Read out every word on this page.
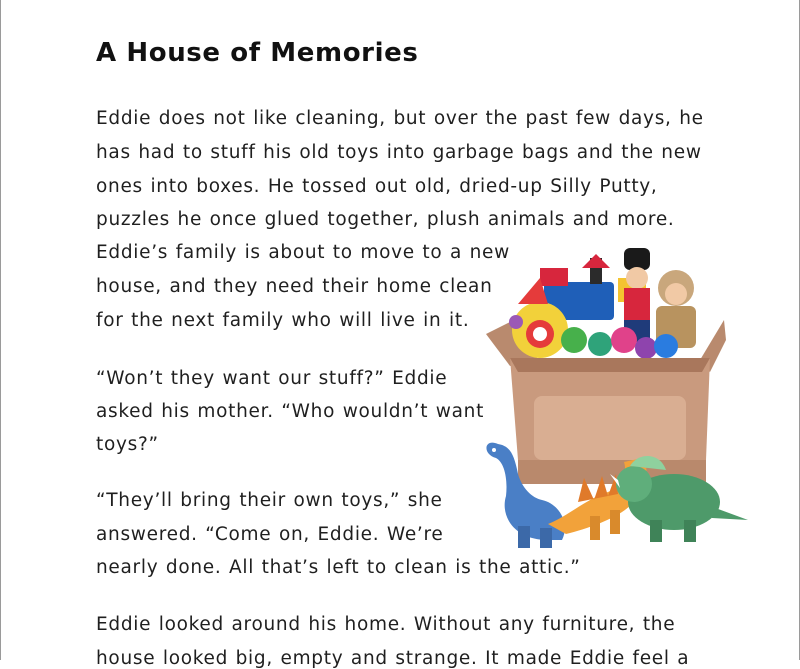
A House of Memories

Eddie does not like cleaning, but over the past few days, he

has had to stuff his old toys into garbage bags and the new

ones into boxes. He tossed out old, dried-up Silly Putty,

puzzles he once glued together, plush animals and more.

Eddie’s family is about to move to a new

house, and they need their home clean

for the next family who will live in it.

“Won’t they want our stuff?” Eddie

asked his mother. “Who wouldn’t want

toys?”

“They’ll bring their own toys,” she

answered. “Come on, Eddie. We’re

nearly done. All that’s left to clean is the attic.”

Eddie looked around his home. Without any furniture, the

house looked big, empty and strange. It made Eddie feel a
